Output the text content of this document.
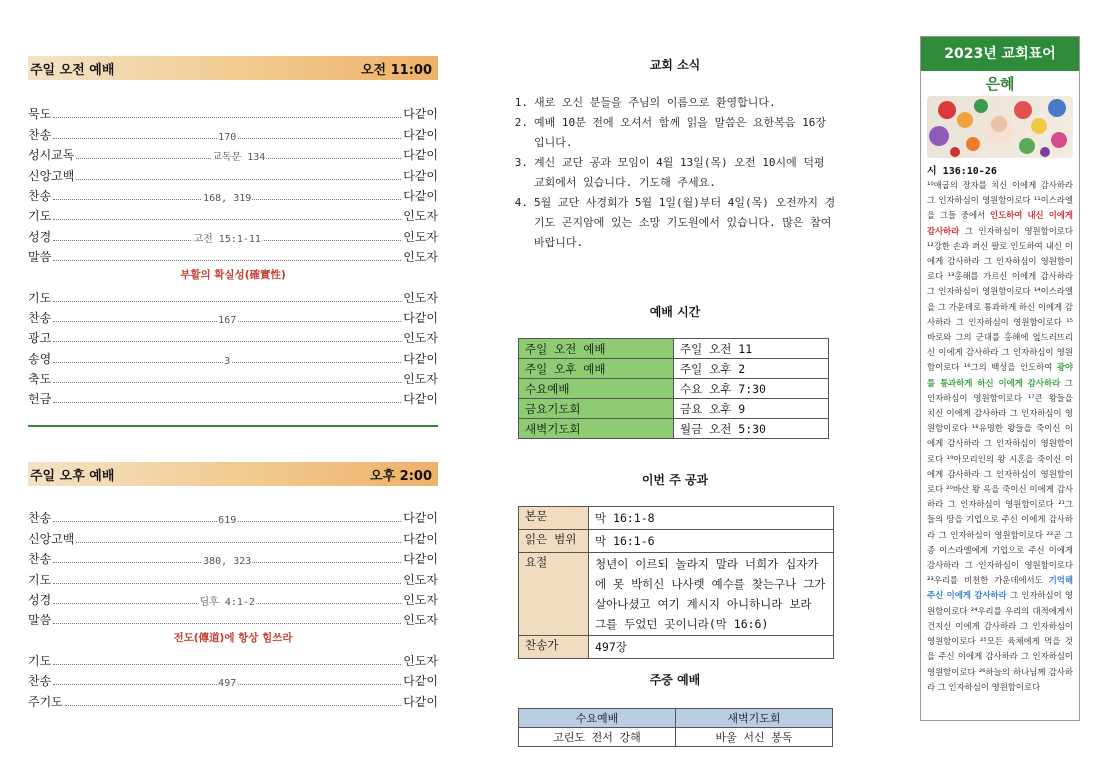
주일 오전 예배	오전 11:00
묵도	다같이
찬송	170	다같이
성시교독	교독문 134	다같이
신앙고백	다같이
찬송	168, 319	다같이
기도	인도자
성경	고전 15:1-11	인도자
말씀	인도자
부활의 확실성(確實性)
기도	인도자
찬송	167	다같이
광고	인도자
송영	3	다같이
축도	인도자
헌금	다같이
주일 오후 예배	오후 2:00
찬송	619	다같이
신앙고백	다같이
찬송	380, 323	다같이
기도	인도자
성경	딤후 4:1-2	인도자
말씀	인도자
전도(傳道)에 항상 힘쓰라
기도	인도자
찬송	497	다같이
주기도	다같이
교회 소식
1. 새로 오신 분들을 주님의 이름으로 환영합니다.
2. 예배 10분 전에 오셔서 함께 읽을 말씀은 요한복음 16장 입니다.
3. 계신 교단 공과 모임이 4월 13일(목) 오전 10시에 덕평 교회에서 있습니다. 기도해 주세요.
4. 5월 교단 사경회가 5월 1일(월)부터 4일(목) 오전까지 경기도 곤지암에 있는 소망 기도원에서 있습니다. 많은 참여 바랍니다.
예배 시간
주일 오전 예배	주일 오전 11
주일 오후 예배	주일 오후 2
수요예배	수요 오후 7:30
금요기도회	금요 오후 9
새벽기도회	월금 오전 5:30
이번 주 공과
본문	막 16:1-8
읽은 범위	막 16:1-6
요절	청년이 이르되 놀라지 말라 너희가 십자가에 못 박히신 나사렛 예수를 찾는구나 그가 살아나셨고 여기 계시지 아니하니라 보라 그를 두었던 곳이니라(막 16:6)
찬송가	497장
주중 예배
수요예배	새벽기도회
고린도 전서 강해	바울 서신 봉독
2023년 교회표어
은혜
시 136:10-26
¹⁰애굽의 장자를 치신 이에게 감사하라 그 인자하심이 영원함이로다 ¹¹이스라엘을 그들 중에서 인도하여 내신 이에게 감사하라 그 인자하심이 영원함이로다 ¹²강한 손과 펴신 팔로 인도하여 내신 이에게 감사하라 그 인자하심이 영원함이로다 ¹³홍해를 가르신 이에게 감사하라 그 인자하심이 영원함이로다 ¹⁴이스라엘을 그 가운데로 통과하게 하신 이에게 감사하라 그 인자하심이 영원함이로다 ¹⁵바로와 그의 군대를 홍해에 엎드러뜨리신 이에게 감사하라 그 인자하심이 영원함이로다 ¹⁶그의 백성을 인도하여 광야를 통과하게 하신 이에게 감사하라 그 인자하심이 영원함이로다 ¹⁷큰 왕들을 치신 이에게 감사하라 그 인자하심이 영원함이로다 ¹⁸유명한 왕들을 죽이신 이에게 감사하라 그 인자하심이 영원함이로다 ¹⁹아모리인의 왕 시혼을 죽이신 이에게 감사하라 그 인자하심이 영원함이로다 ²⁰바산 왕 옥을 죽이신 이에게 감사하라 그 인자하심이 영원함이로다 ²¹그들의 땅을 기업으로 주신 이에게 감사하라 그 인자하심이 영원함이로다 ²²곧 그 종 이스라엘에게 기업으로 주신 이에게 감사하라 그 인자하심이 영원함이로다 ²³우리를 비천한 가운데에서도 기억해 주신 이에게 감사하라 그 인자하심이 영원함이로다 ²⁴우리를 우리의 대적에게서 건지신 이에게 감사하라 그 인자하심이 영원함이로다 ²⁵모든 육체에게 먹을 것을 주신 이에게 감사하라 그 인자하심이 영원함이로다 ²⁶하늘의 하나님께 감사하라 그 인자하심이 영원함이로다
